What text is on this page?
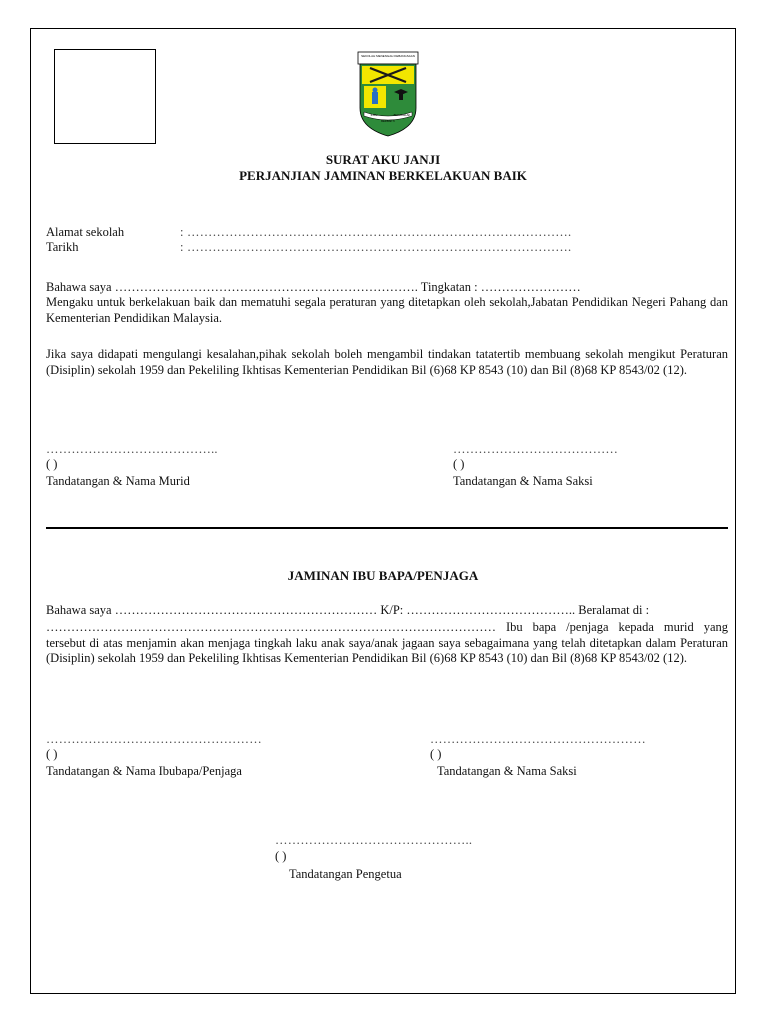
SEKOLAH MENENGAH KEBANGSAAN
ILMU	BERAKHLAK
BERBAKTI
SURAT AKU JANJI
PERJANJIAN JAMINAN BERKELAKUAN BAIK
Alamat sekolah	: ……………………………………………………………………………….
Tarikh	: ……………………………………………………………………………….
Bahawa saya ………………………………………………………………. Tingkatan : ……………………
Mengaku untuk berkelakuan baik dan mematuhi segala peraturan yang ditetapkan oleh sekolah,Jabatan Pendidikan Negeri Pahang dan Kementerian Pendidikan Malaysia.
Jika saya didapati mengulangi kesalahan,pihak sekolah boleh mengambil tindakan tatatertib membuang sekolah mengikut Peraturan (Disiplin) sekolah 1959 dan Pekeliling Ikhtisas Kementerian Pendidikan Bil (6)68 KP 8543 (10) dan Bil (8)68 KP 8543/02 (12).
…………………………………..
( )
Tandatangan & Nama Murid
…………………………………
( )
Tandatangan & Nama Saksi
JAMINAN IBU BAPA/PENJAGA
Bahawa saya ……………………………………………………… K/P: ………………………………….. Beralamat di :
……………………………………………………………………………………………… Ibu bapa /penjaga kepada murid yang tersebut di atas menjamin akan menjaga tingkah laku anak saya/anak jagaan saya sebagaimana yang telah ditetapkan dalam Peraturan (Disiplin) sekolah 1959 dan Pekeliling Ikhtisas Kementerian Pendidikan Bil (6)68 KP 8543 (10) dan Bil (8)68 KP 8543/02 (12).
……………………………………………
( )
Tandatangan & Nama Ibubapa/Penjaga
……………………………………………
( )
Tandatangan & Nama Saksi
………………………………………..
( )
Tandatangan Pengetua
